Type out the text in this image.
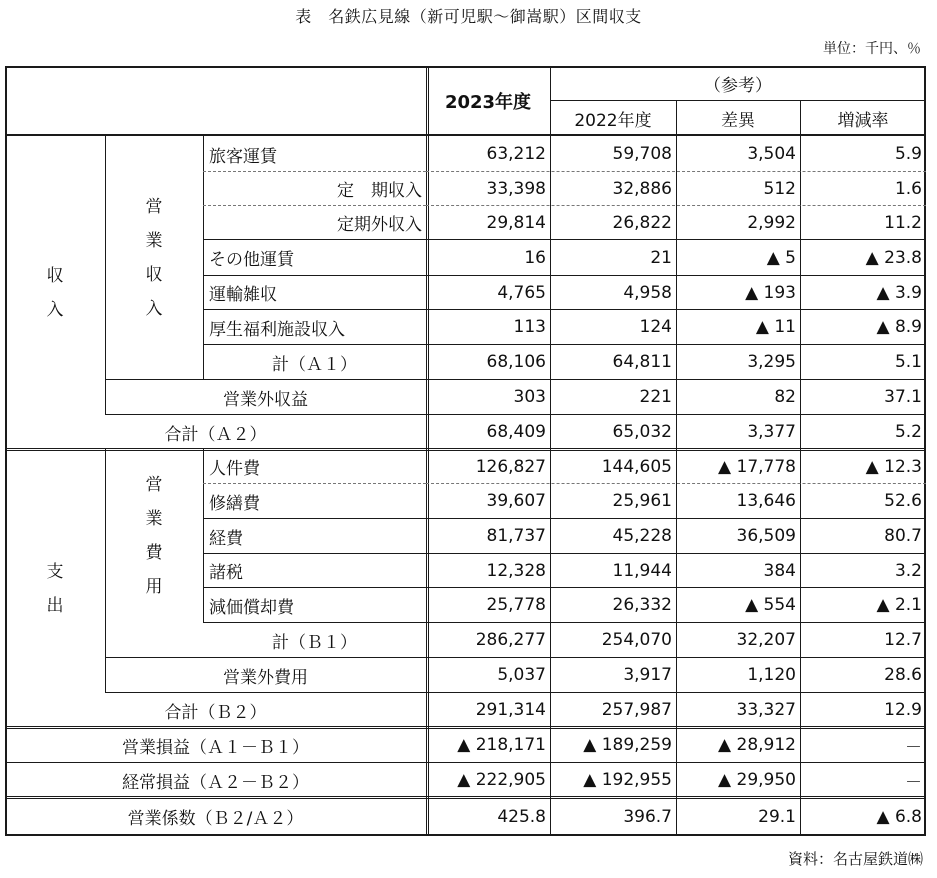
表　名鉄広見線（新可児駅～御嵩駅）区間収支
単位：千円、％
資料：名古屋鉄道㈱
2023年度
（参考）
2022年度	差異	増減率
収
入
営
業
収
入
支
出
営
業
費
用
旅客運賃	63,212	59,708	3,504	5.9
定　期収入	33,398	32,886	512	1.6
定期外収入	29,814	26,822	2,992	11.2
その他運賃	16	21	▲ 5	▲ 23.8
運輸雑収	4,765	4,958	▲ 193	▲ 3.9
厚生福利施設収入	113	124	▲ 11	▲ 8.9
計（Ａ１）	68,106	64,811	3,295	5.1
営業外収益	303	221	82	37.1
合計（Ａ２）	68,409	65,032	3,377	5.2
人件費	126,827	144,605	▲ 17,778	▲ 12.3
修繕費	39,607	25,961	13,646	52.6
経費	81,737	45,228	36,509	80.7
諸税	12,328	11,944	384	3.2
減価償却費	25,778	26,332	▲ 554	▲ 2.1
計（Ｂ１）	286,277	254,070	32,207	12.7
営業外費用	5,037	3,917	1,120	28.6
合計（Ｂ２）	291,314	257,987	33,327	12.9
営業損益（Ａ１－Ｂ１）	▲ 218,171	▲ 189,259	▲ 28,912	－
経常損益（Ａ２－Ｂ２）	▲ 222,905	▲ 192,955	▲ 29,950	－
営業係数（Ｂ２/Ａ２）	425.8	396.7	29.1	▲ 6.8
